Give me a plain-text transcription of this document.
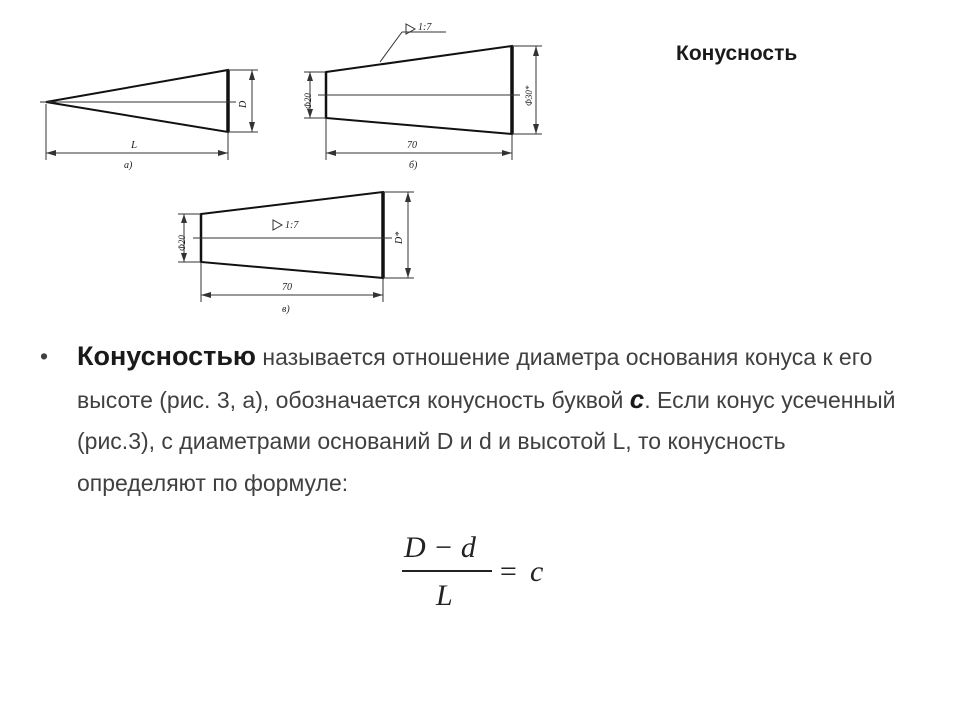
Конусность
D
L
а)
1:7
Φ20	Φ30*
70
б)
1:7
Φ20	D*
70
в)
• Конусностью называется отношение диаметра основания конуса к его высоте (рис. 3, а), обозначается конусность буквой с. Если конус усеченный (рис.3), с диаметрами оснований D и d и высотой L, то конусность определяют по формуле:
D − d
L
= c
